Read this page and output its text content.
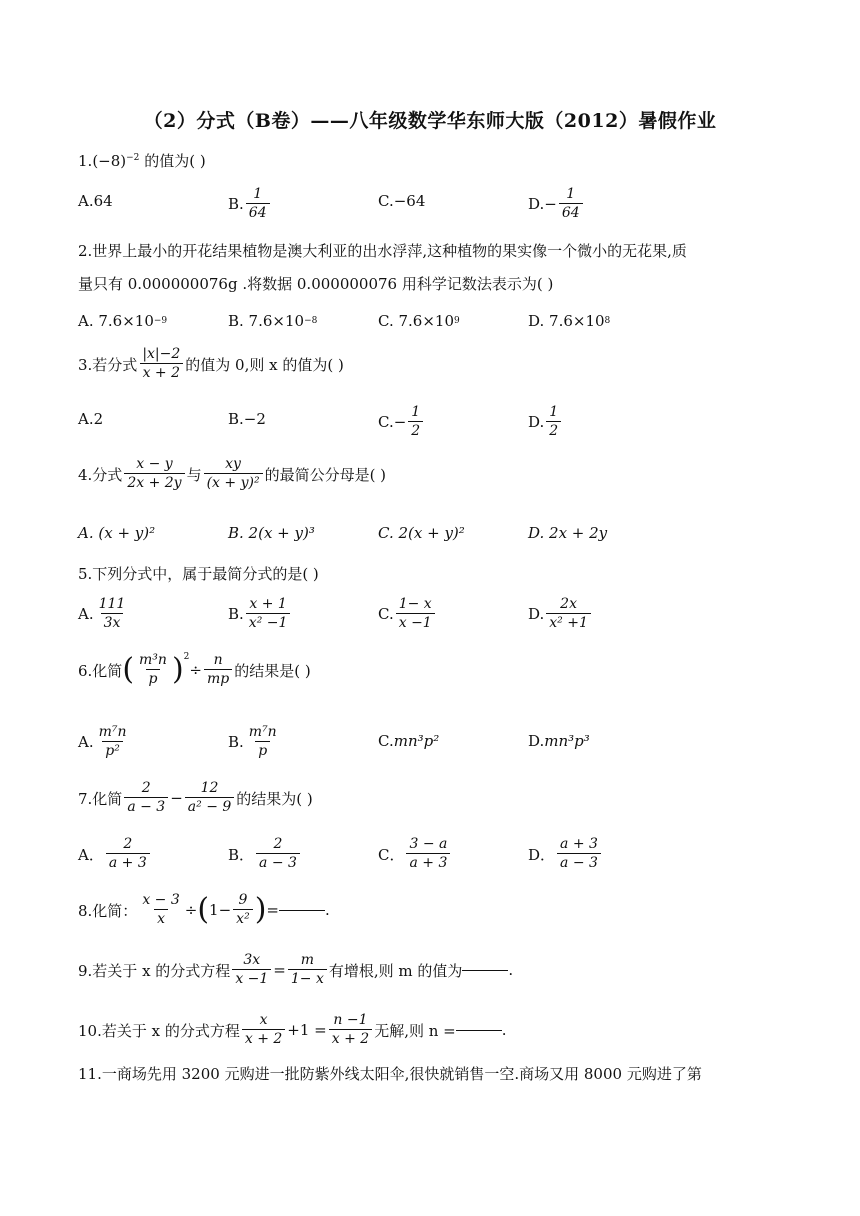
（2）分式（B卷）——八年级数学华东师大版（2012）暑假作业
$1.(-8)^{-2}$ 的值为( )
A.64	B. $\frac{1}{64}$	C.−64	$D.- \frac{1}{64}$
2.世界上最小的开花结果植物是澳大利亚的出水浮萍,这种植物的果实像一个微小的无花果,质
量只有 0.000000076g .将数据 0.000000076 用科学记数法表示为( )
A. 7.6×10 −9	B. 7.6×10 −8	C. 7.6×10 9	D. 7.6×10 8
3.若分式 $\frac{|x|-2}{x + 2}$ 的值为 0,则 x 的值为( )
A.2	B.−2	$C.- \frac{1}{2}$	D. $\frac{1}{2}$
4.分式 $\frac{x - y}{2x + 2y}$ 与 $\frac{xy}{\text{(x + y)²}}$ 的最简公分母是( )
A. (x + y)²	B. 2(x + y)³	C. 2(x + y)²	D. 2x + 2y
5.下列分式中，属于最简分式的是( )
A. $\frac{111}{3x}$	B. $\frac{x + 1}{\text{x² −1}}$	C. $\frac{1- x}{x -1}$	D. $\frac{2x}{\text{x² +1}}$
6.化简 ( $\frac{\text{m³n}}{p} )^2$
÷ $\frac{n}{mp}$ 的结果是( )
A. $\frac{\text{m⁷n}}{\text{p²}}$	B. $\frac{\text{m⁷n}}{p}$	C. mn³p²	D. mn³p³
7.化简 $\frac{2}{a - 3} - \frac{12}{\text{a² − 9}}$ 的结果为( )
A． $\frac{2}{a + 3}$	B． $\frac{2}{a - 3}$	C． $\frac{3 - a}{a + 3}$	D． $\frac{a + 3}{a - 3}$
8.化简： $\frac{x - 3}{x}$ ÷ ( $1- \frac{9}{\text{x²}}$ ) =	.
9.若关于 x 的分式方程 $\frac{3x}{x -1} = \frac{m}{1- x}$ 有增根,则 m 的值为	.
10.若关于 x 的分式方程 $\frac{x}{x + 2} +1 = \frac{n -1}{x + 2}$ 无解,则 n =	.
11.一商场先用 3200 元购进一批防紫外线太阳伞,很快就销售一空.商场又用 8000 元购进了第
